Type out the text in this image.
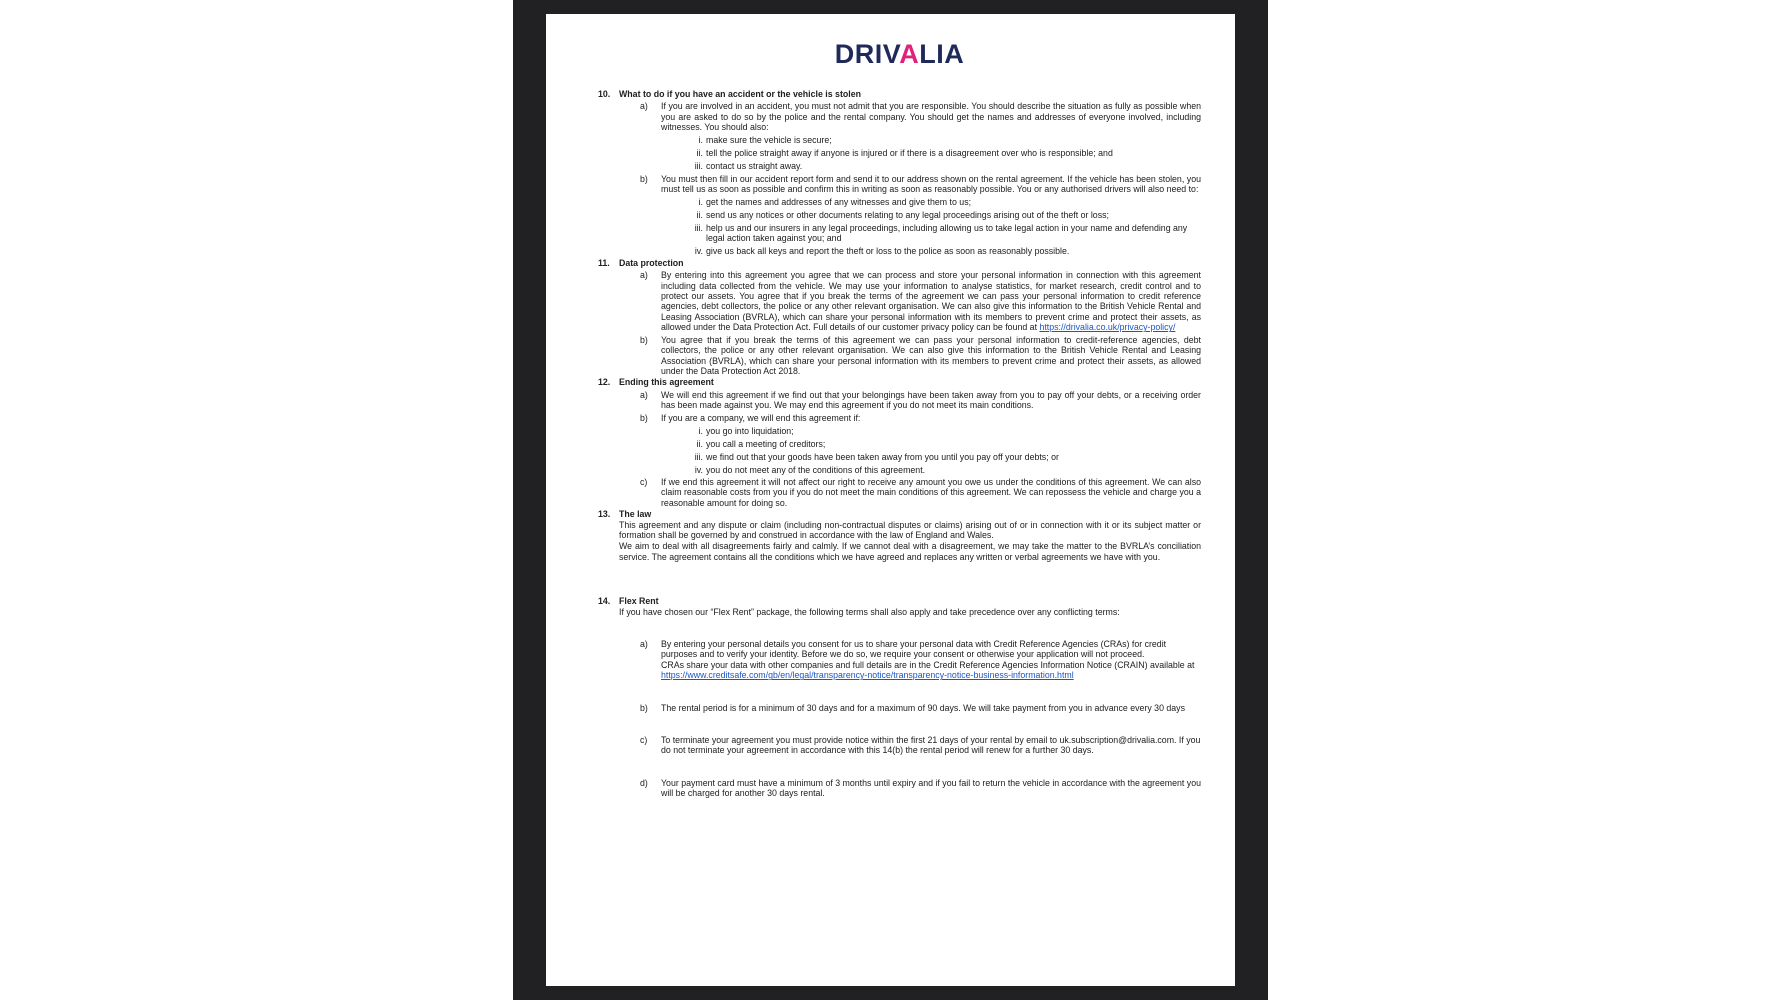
DRIVALIA
10. What to do if you have an accident or the vehicle is stolen
a)	If you are involved in an accident, you must not admit that you are responsible. You should describe the situation as fully as possible when you are asked to do so by the police and the rental company. You should get the names and addresses of everyone involved, including witnesses. You should also:
i. make sure the vehicle is secure;
ii. tell the police straight away if anyone is injured or if there is a disagreement over who is responsible; and
iii. contact us straight away.
b)	You must then fill in our accident report form and send it to our address shown on the rental agreement. If the vehicle has been stolen, you must tell us as soon as possible and confirm this in writing as soon as reasonably possible. You or any authorised drivers will also need to:
i. get the names and addresses of any witnesses and give them to us;
ii. send us any notices or other documents relating to any legal proceedings arising out of the theft or loss;
iii. help us and our insurers in any legal proceedings, including allowing us to take legal action in your name and defending any legal action taken against you; and
iv. give us back all keys and report the theft or loss to the police as soon as reasonably possible.
11.	Data protection
a)	By entering into this agreement you agree that we can process and store your personal information in connection with this agreement including data collected from the vehicle. We may use your information to analyse statistics, for market research, credit control and to protect our assets. You agree that if you break the terms of the agreement we can pass your personal information to credit reference agencies, debt collectors, the police or any other relevant organisation. We can also give this information to the British Vehicle Rental and Leasing Association (BVRLA), which can share your personal information with its members to prevent crime and protect their assets, as allowed under the Data Protection Act. Full details of our customer privacy policy can be found at https://drivalia.co.uk/privacy-policy/
b)	You agree that if you break the terms of this agreement we can pass your personal information to credit-reference agencies, debt collectors, the police or any other relevant organisation. We can also give this information to the British Vehicle Rental and Leasing Association (BVRLA), which can share your personal information with its members to prevent crime and protect their assets, as allowed under the Data Protection Act 2018.
12. Ending this agreement
a)	We will end this agreement if we find out that your belongings have been taken away from you to pay off your debts, or a receiving order has been made against you. We may end this agreement if you do not meet its main conditions.
b)	If you are a company, we will end this agreement if:
i. you go into liquidation;
ii. you call a meeting of creditors;
iii. we find out that your goods have been taken away from you until you pay off your debts; or
iv. you do not meet any of the conditions of this agreement.
c)	If we end this agreement it will not affect our right to receive any amount you owe us under the conditions of this agreement. We can also claim reasonable costs from you if you do not meet the main conditions of this agreement. We can repossess the vehicle and charge you a reasonable amount for doing so.
13. The law
This agreement and any dispute or claim (including non-contractual disputes or claims) arising out of or in connection with it or its subject matter or formation shall be governed by and construed in accordance with the law of England and Wales.
We aim to deal with all disagreements fairly and calmly. If we cannot deal with a disagreement, we may take the matter to the BVRLA’s conciliation service. The agreement contains all the conditions which we have agreed and replaces any written or verbal agreements we have with you.
14. Flex Rent
If you have chosen our “Flex Rent” package, the following terms shall also apply and take precedence over any conflicting terms:
a)	By entering your personal details you consent for us to share your personal data with Credit Reference Agencies (CRAs) for credit purposes and to verify your identity. Before we do so, we require your consent or otherwise your application will not proceed.
CRAs share your data with other companies and full details are in the Credit Reference Agencies Information Notice (CRAIN) available at https://www.creditsafe.com/gb/en/legal/transparency-notice/transparency-notice-business-information.html
b)	The rental period is for a minimum of 30 days and for a maximum of 90 days. We will take payment from you in advance every 30 days
c)	To terminate your agreement you must provide notice within the first 21 days of your rental by email to uk.subscription@drivalia.com. If you do not terminate your agreement in accordance with this 14(b) the rental period will renew for a further 30 days.
d)	Your payment card must have a minimum of 3 months until expiry and if you fail to return the vehicle in accordance with the agreement you will be charged for another 30 days rental.
